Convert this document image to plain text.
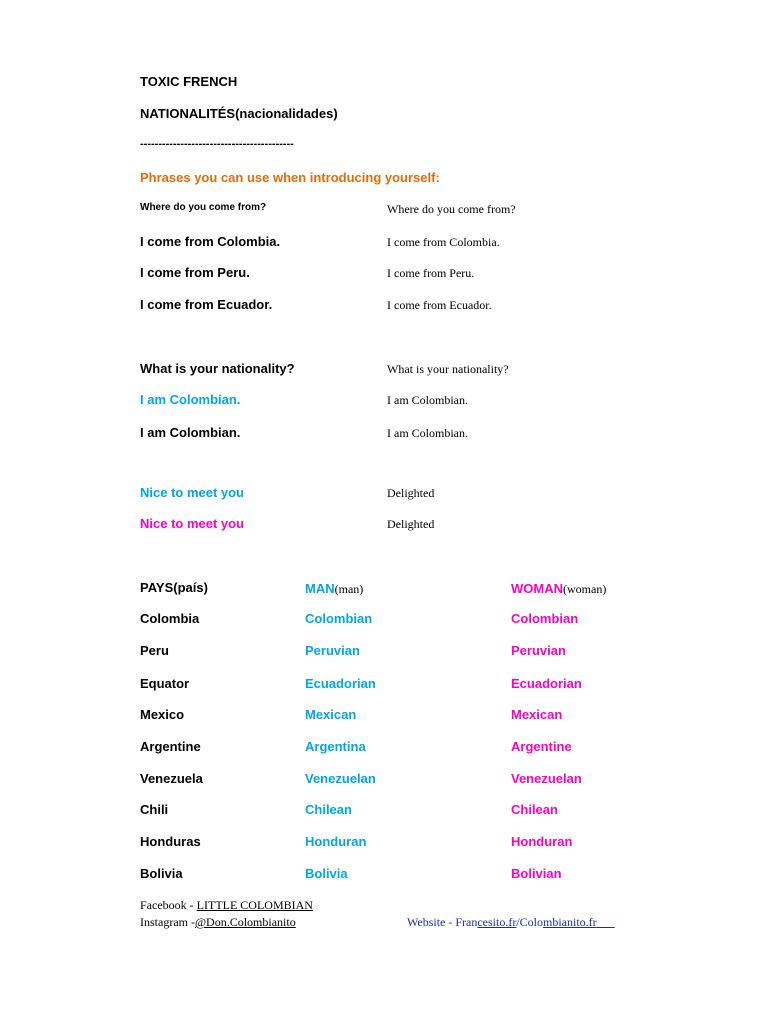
TOXIC FRENCH
NATIONALITÉS(nacionalidades)
------------------------------------------
Phrases you can use when introducing yourself:
Where do you come from?	Where do you come from?
I come from Colombia.	I come from Colombia.
I come from Peru.	I come from Peru.
I come from Ecuador.	I come from Ecuador.
What is your nationality?	What is your nationality?
I am Colombian.	I am Colombian.
I am Colombian.	I am Colombian.
Nice to meet you	Delighted
Nice to meet you	Delighted
PAYS(país)	MAN(man)	WOMAN(woman)
Colombia	Colombian	Colombian
Peru	Peruvian	Peruvian
Equator	Ecuadorian	Ecuadorian
Mexico	Mexican	Mexican
Argentine	Argentina	Argentine
Venezuela	Venezuelan	Venezuelan
Chili	Chilean	Chilean
Honduras	Honduran	Honduran
Bolivia	Bolivia	Bolivian
Facebook - LITTLE COLOMBIAN
Instagram -@Don.Colombianito	Website - Francesito.fr/Colombianito.fr
